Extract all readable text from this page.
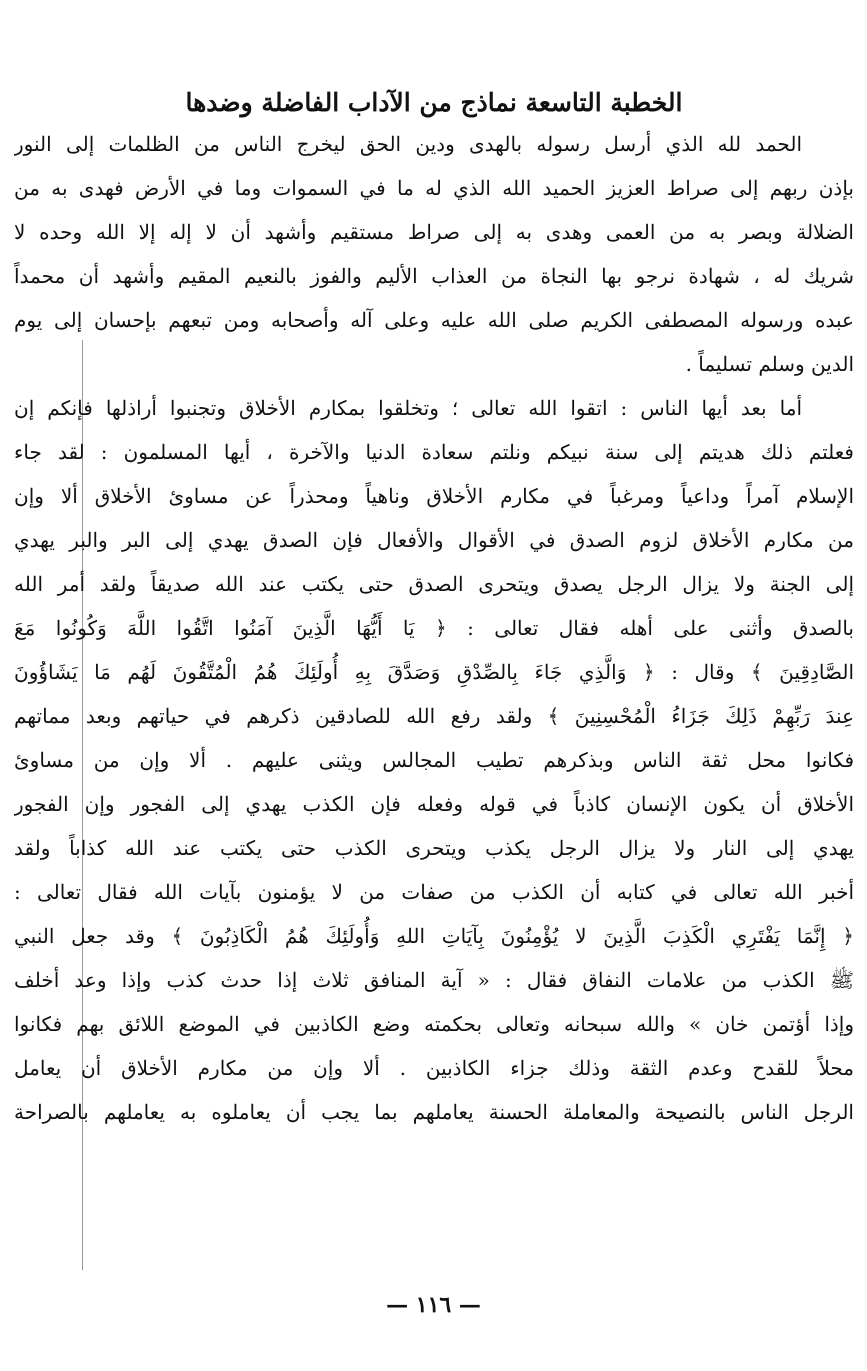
الخطبة التاسعة نماذج من الآداب الفاضلة وضدها
الحمد لله الذي أرسل رسوله بالهدى ودين الحق ليخرج الناس من الظلمات إلى النور
بإذن ربهم إلى صراط العزيز الحميد الله الذي له ما في السموات وما في الأرض فهدى به من
الضلالة وبصر به من العمى وهدى به إلى صراط مستقيم وأشهد أن لا إله إلا الله وحده لا
شريك له ، شهادة نرجو بها النجاة من العذاب الأليم والفوز بالنعيم المقيم وأشهد أن محمداً
عبده ورسوله المصطفى الكريم صلى الله عليه وعلى آله وأصحابه ومن تبعهم بإحسان إلى يوم
الدين وسلم تسليماً .
أما بعد أيها الناس : اتقوا الله تعالى ؛ وتخلقوا بمكارم الأخلاق وتجنبوا أراذلها فإنكم إن
فعلتم ذلك هديتم إلى سنة نبيكم ونلتم سعادة الدنيا والآخرة ، أيها المسلمون : لقد جاء
الإسلام آمراً وداعياً ومرغباً في مكارم الأخلاق وناهياً ومحذراً عن مساوئ الأخلاق ألا وإن
من مكارم الأخلاق لزوم الصدق في الأقوال والأفعال فإن الصدق يهدي إلى البر والبر يهدي
إلى الجنة ولا يزال الرجل يصدق ويتحرى الصدق حتى يكتب عند الله صديقاً ولقد أمر الله
بالصدق وأثنى على أهله فقال تعالى : ﴿ يَا أَيُّهَا الَّذِينَ آمَنُوا اتَّقُوا اللَّهَ وَكُونُوا مَعَ
الصَّادِقِينَ ﴾ وقال : ﴿ وَالَّذِي جَاءَ بِالصِّدْقِ وَصَدَّقَ بِهِ أُولَئِكَ هُمُ الْمُتَّقُونَ لَهُم مَا يَشَاؤُونَ
عِندَ رَبِّهِمْ ذَلِكَ جَزَاءُ الْمُحْسِنِينَ ﴾ ولقد رفع الله للصادقين ذكرهم في حياتهم وبعد مماتهم
فكانوا محل ثقة الناس وبذكرهم تطيب المجالس ويثنى عليهم . ألا وإن من مساوئ
الأخلاق أن يكون الإنسان كاذباً في قوله وفعله فإن الكذب يهدي إلى الفجور وإن الفجور
يهدي إلى النار ولا يزال الرجل يكذب ويتحرى الكذب حتى يكتب عند الله كذاباً ولقد
أخبر الله تعالى في كتابه أن الكذب من صفات من لا يؤمنون بآيات الله فقال تعالى :
﴿ إِنَّمَا يَفْتَرِي الْكَذِبَ الَّذِينَ لا يُؤْمِنُونَ بِآيَاتِ اللهِ وَأُولَئِكَ هُمُ الْكَاذِبُونَ ﴾ وقد جعل النبي
ﷺ الكذب من علامات النفاق فقال : « آية المنافق ثلاث إذا حدث كذب وإذا وعد أخلف
وإذا أؤتمن خان » والله سبحانه وتعالى بحكمته وضع الكاذبين في الموضع اللائق بهم فكانوا
محلاً للقدح وعدم الثقة وذلك جزاء الكاذبين . ألا وإن من مكارم الأخلاق أن يعامل
الرجل الناس بالنصيحة والمعاملة الحسنة يعاملهم بما يجب أن يعاملوه به يعاملهم بالصراحة
— ١١٦ —
